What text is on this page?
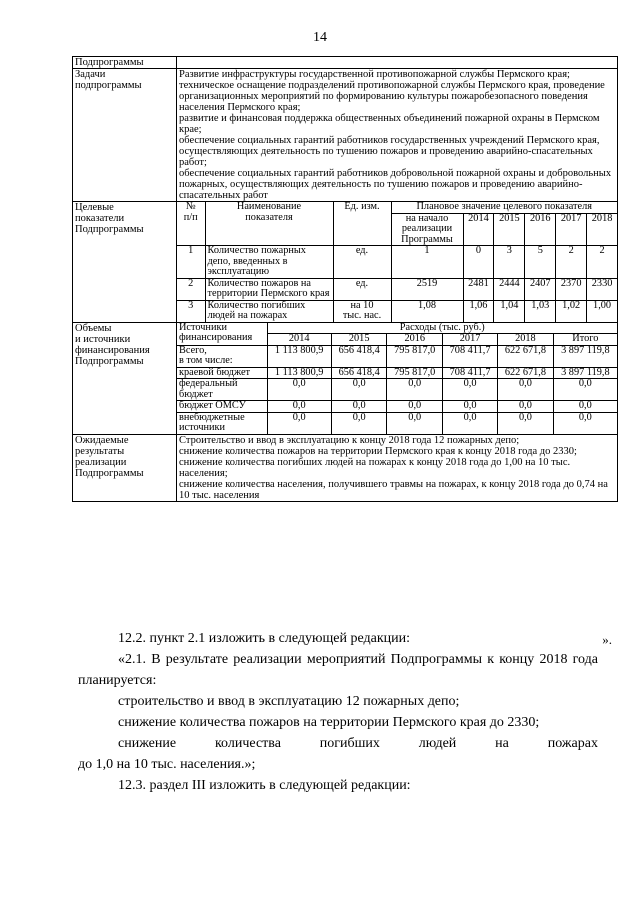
14
Подпрограммы	
Задачи
подпрограммы	
Развитие инфраструктуры государственной противопожарной службы Пермского края;
техническое оснащение подразделений противопожарной службы Пермского края, проведение организационных мероприятий по формированию культуры пожаробезопасного поведения населения Пермского края;
развитие и финансовая поддержка общественных объединений пожарной охраны в Пермском крае;
обеспечение социальных гарантий работников государственных учреждений Пермского края, осуществляющих деятельность по тушению пожаров и проведению аварийно-спасательных работ;
обеспечение социальных гарантий работников добровольной пожарной охраны и добровольных пожарных, осуществляющих деятельность по тушению пожаров и проведению аварийно-спасательных работ

Целевые
показатели
Подпрограммы	
№
п/п	Наименование
показателя	Ед. изм.	Плановое значение целевого показателя
на начало
реализации
Программы	2014	2015	2016	2017	2018
1	Количество пожарных депо, введенных в эксплуатацию	ед.	1	0	3	5	2	2
2	Количество пожаров на территории Пермского края	ед.	2519	2481	2444	2407	2370	2330
3	Количество погибших людей на пожарах	на 10
тыс. нас.	1,08	1,06	1,04	1,03	1,02	1,00

Объемы
и источники
финансирования
Подпрограммы	
Источники
финансирования	Расходы (тыс. руб.)
2014	2015	2016	2017	2018	Итого
Всего,
в том числе:	1 113 800,9	656 418,4	795 817,0	708 411,7	622 671,8	3 897 119,8
краевой бюджет	1 113 800,9	656 418,4	795 817,0	708 411,7	622 671,8	3 897 119,8
федеральный
бюджет	0,0	0,0	0,0	0,0	0,0	0,0
бюджет ОМСУ	0,0	0,0	0,0	0,0	0,0	0,0
внебюджетные
источники	0,0	0,0	0,0	0,0	0,0	0,0

Ожидаемые
результаты
реализации
Подпрограммы	
Строительство и ввод в эксплуатацию к концу 2018 года 12 пожарных депо;
снижение количества пожаров на территории Пермского края к концу 2018 года до 2330;
снижение количества погибших людей на пожарах к концу 2018 года до 1,00 на 10 тыс. населения;
снижение количества населения, получившего травмы на пожарах, к концу 2018 года до 0,74 на 10 тыс. населения
».

12.2. пункт 2.1 изложить в следующей редакции:

«2.1. В результате реализации мероприятий Подпрограммы к концу 2018 года планируется:

строительство и ввод в эксплуатацию 12 пожарных депо;

снижение количества пожаров на территории Пермского края до 2330;

снижение	количества	погибших	людей	на	пожарах

до 1,0 на 10 тыс. населения.»;

12.3. раздел III изложить в следующей редакции:
